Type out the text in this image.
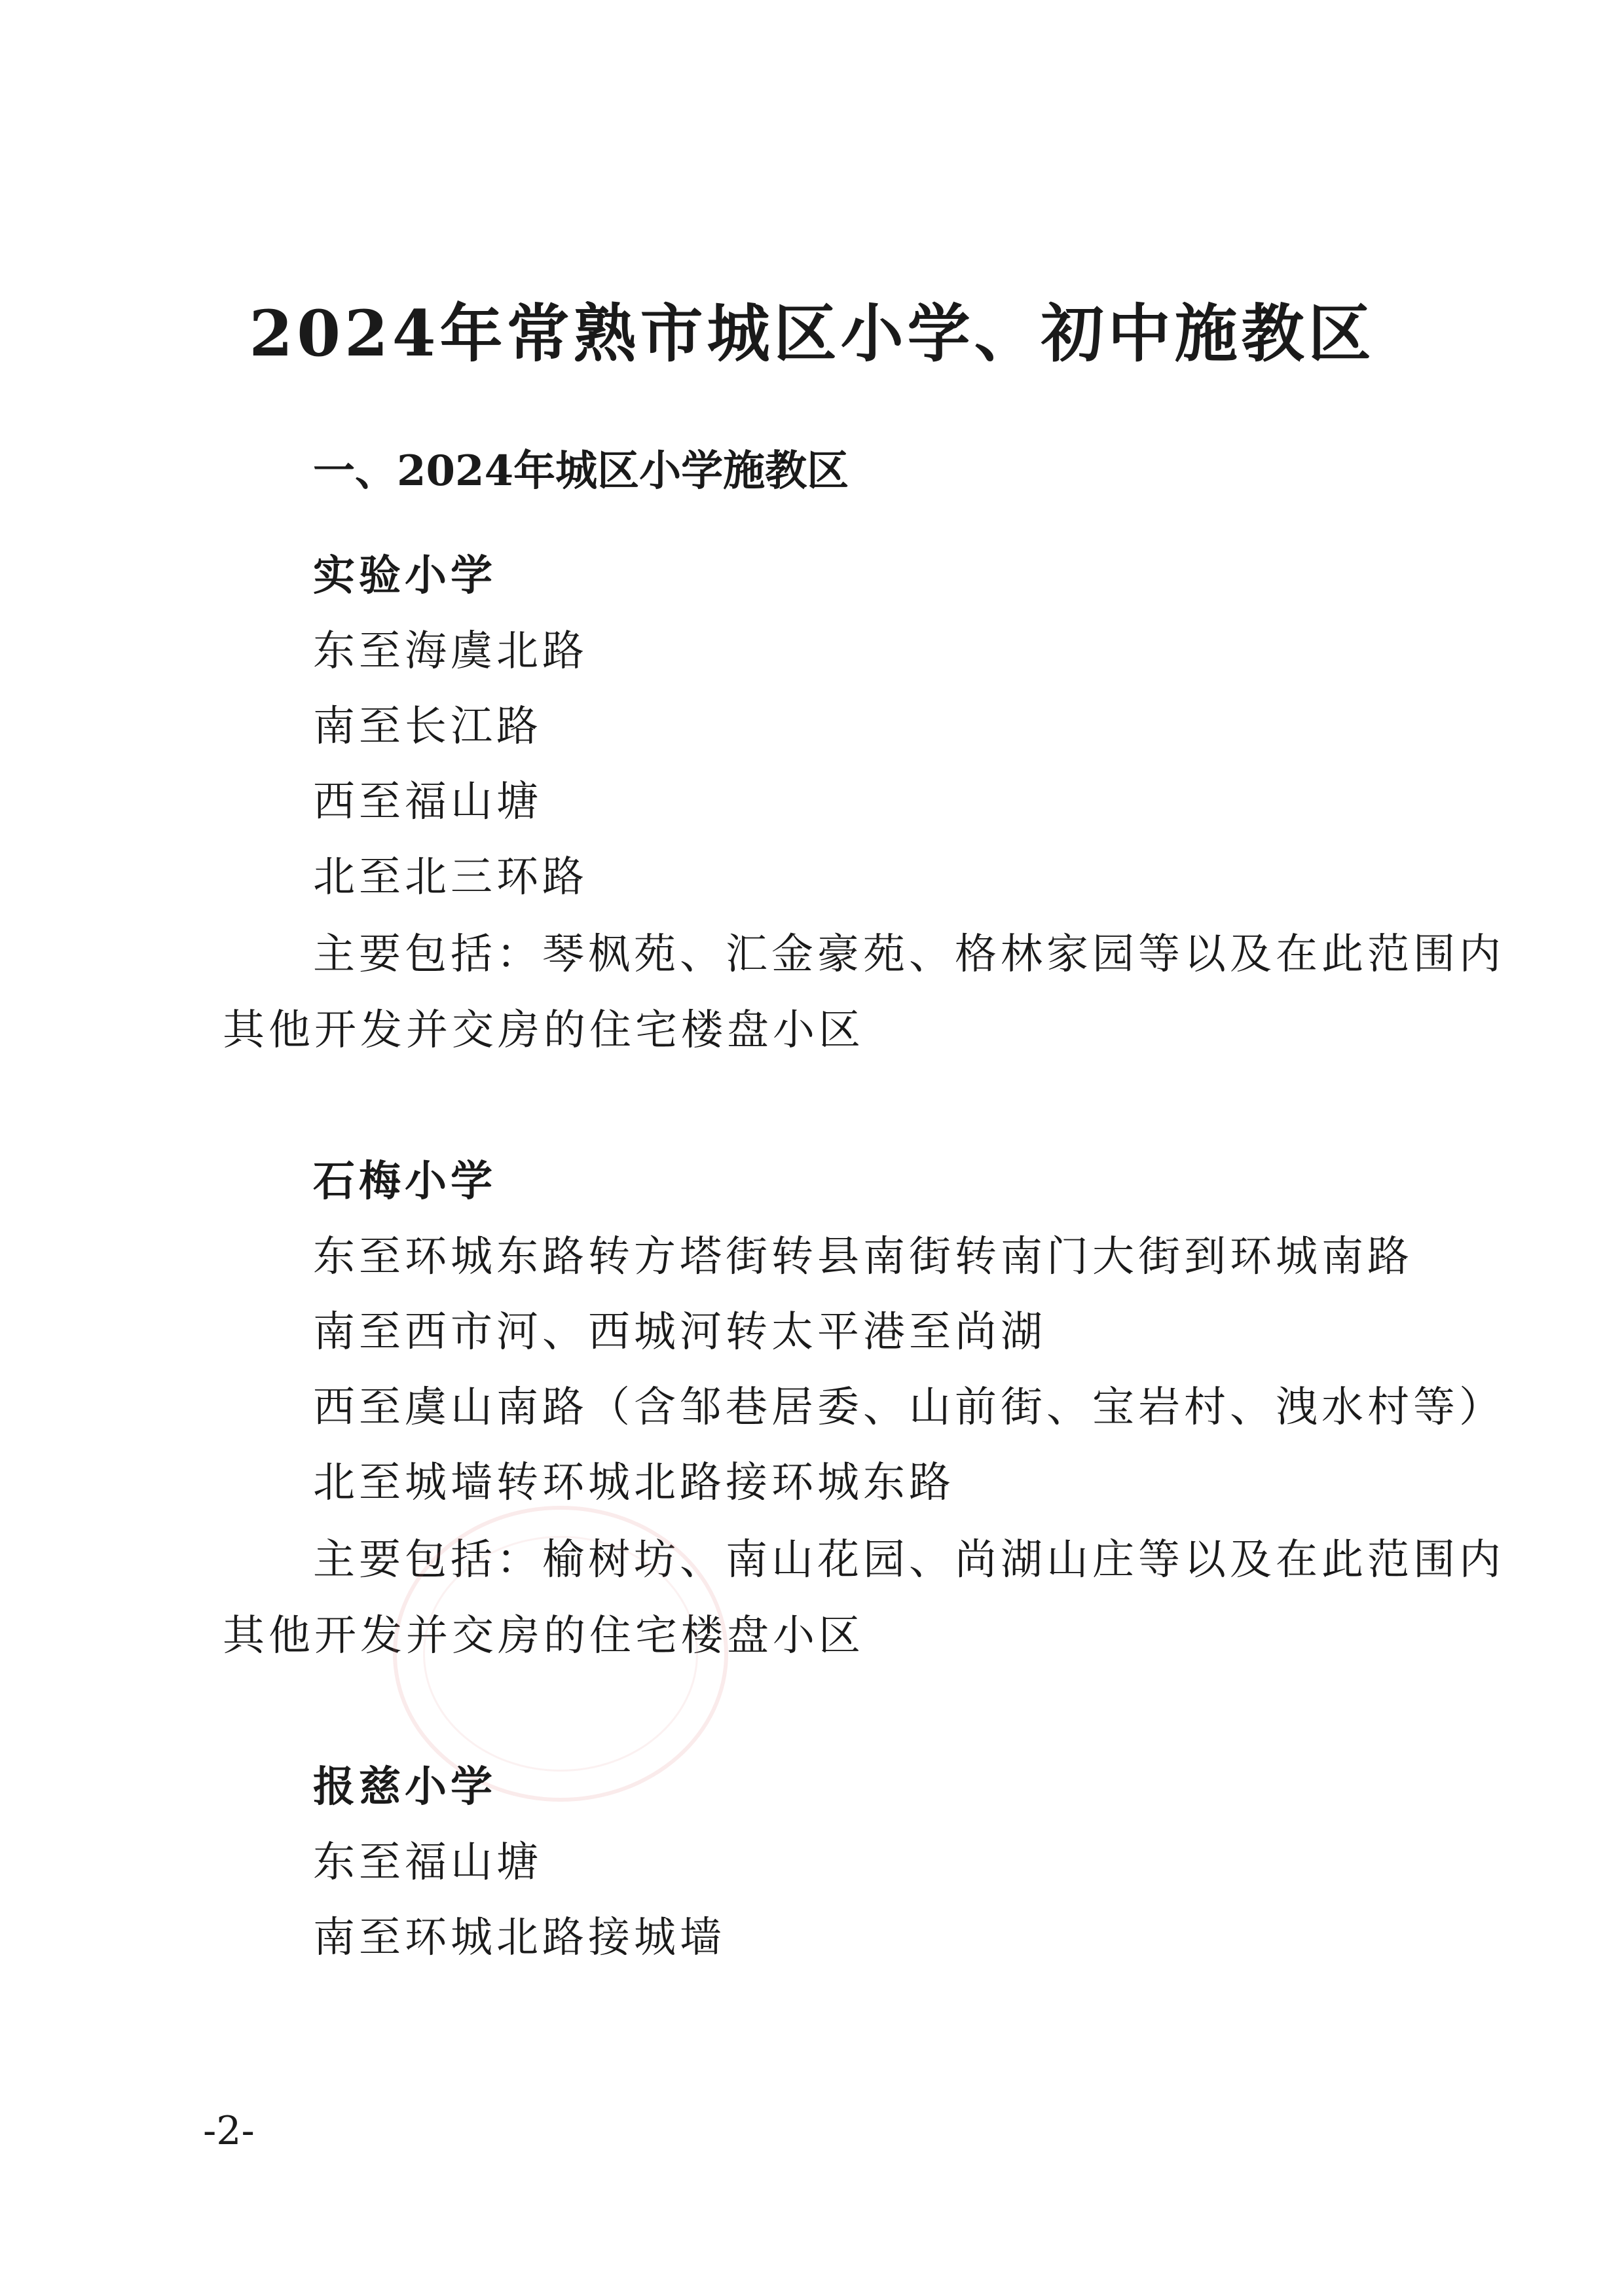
2024年常熟市城区小学、初中施教区
一、2024年城区小学施教区
实验小学
东至海虞北路
南至长江路
西至福山塘
北至北三环路
主要包括：琴枫苑、汇金豪苑、格林家园等以及在此范围内
其他开发并交房的住宅楼盘小区
石梅小学
东至环城东路转方塔街转县南街转南门大街到环城南路
南至西市河、西城河转太平港至尚湖
西至虞山南路（含邹巷居委、山前街、宝岩村、洩水村等）
北至城墙转环城北路接环城东路
主要包括：榆树坊、南山花园、尚湖山庄等以及在此范围内
其他开发并交房的住宅楼盘小区
报慈小学
东至福山塘
南至环城北路接城墙
-2-
